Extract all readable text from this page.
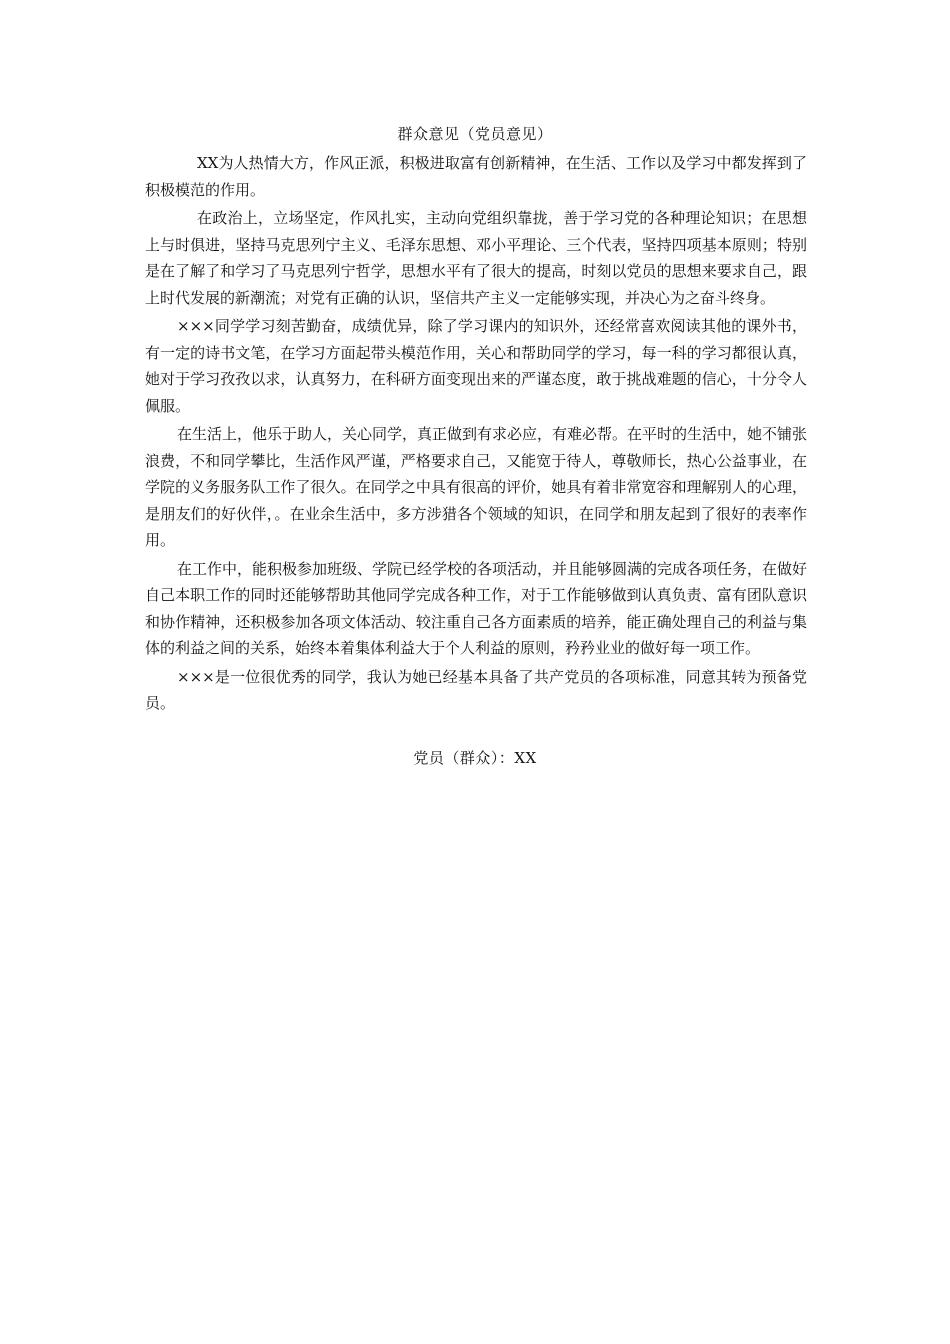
群众意见（党员意见）

XX为人热情大方，作风正派，积极进取富有创新精神，在生活、工作以及学习中都发挥到了积极模范的作用。

在政治上，立场坚定，作风扎实，主动向党组织靠拢，善于学习党的各种理论知识；在思想上与时俱进，坚持马克思列宁主义、毛泽东思想、邓小平理论、三个代表，坚持四项基本原则；特别是在了解了和学习了马克思列宁哲学，思想水平有了很大的提高，时刻以党员的思想来要求自己，跟上时代发展的新潮流；对党有正确的认识，坚信共产主义一定能够实现，并决心为之奋斗终身。

×××同学学习刻苦勤奋，成绩优异，除了学习课内的知识外，还经常喜欢阅读其他的课外书，有一定的诗书文笔，在学习方面起带头模范作用，关心和帮助同学的学习，每一科的学习都很认真，她对于学习孜孜以求，认真努力，在科研方面变现出来的严谨态度，敢于挑战难题的信心，十分令人佩服。

在生活上，他乐于助人，关心同学，真正做到有求必应，有难必帮。在平时的生活中，她不铺张浪费，不和同学攀比，生活作风严谨，严格要求自己，又能宽于待人，尊敬师长，热心公益事业，在学院的义务服务队工作了很久。在同学之中具有很高的评价，她具有着非常宽容和理解别人的心理，是朋友们的好伙伴，。在业余生活中，多方涉猎各个领域的知识，在同学和朋友起到了很好的表率作用。

在工作中，能积极参加班级、学院已经学校的各项活动，并且能够圆满的完成各项任务，在做好自己本职工作的同时还能够帮助其他同学完成各种工作，对于工作能够做到认真负责、富有团队意识和协作精神，还积极参加各项文体活动、较注重自己各方面素质的培养，能正确处理自己的利益与集体的利益之间的关系，始终本着集体利益大于个人利益的原则，矜矜业业的做好每一项工作。

×××是一位很优秀的同学，我认为她已经基本具备了共产党员的各项标准，同意其转为预备党员。

党员（群众）：XX
